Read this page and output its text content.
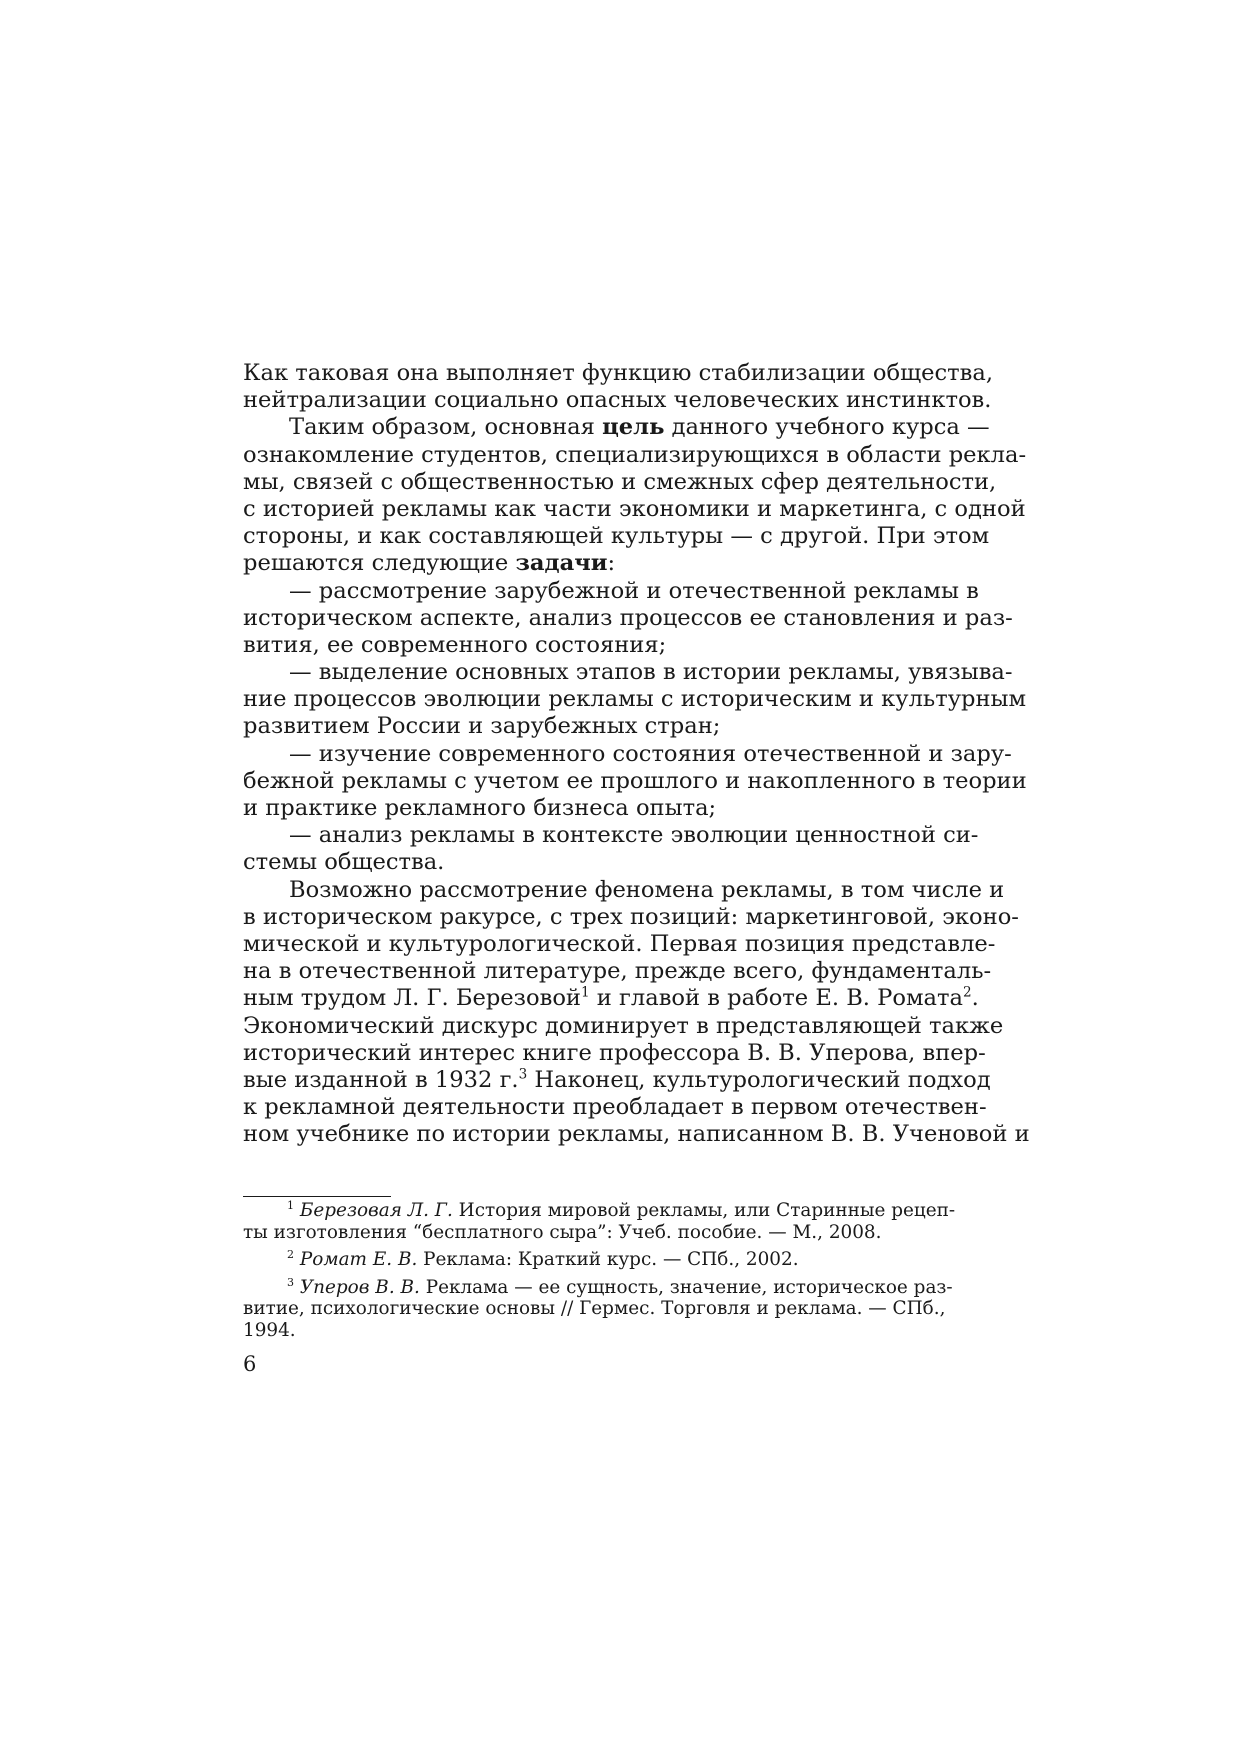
Как таковая она выполняет функцию стабилизации общества,
нейтрализации социально опасных человеческих инстинктов.
Таким образом, основная цель данного учебного курса —
ознакомление студентов, специализирующихся в области рекла-
мы, связей с общественностью и смежных сфер деятельности,
с историей рекламы как части экономики и маркетинга, с одной
стороны, и как составляющей культуры — с другой. При этом
решаются следующие задачи:
— рассмотрение зарубежной и отечественной рекламы в
историческом аспекте, анализ процессов ее становления и раз-
вития, ее современного состояния;
— выделение основных этапов в истории рекламы, увязыва-
ние процессов эволюции рекламы с историческим и культурным
развитием России и зарубежных стран;
— изучение современного состояния отечественной и зару-
бежной рекламы с учетом ее прошлого и накопленного в теории
и практике рекламного бизнеса опыта;
— анализ рекламы в контексте эволюции ценностной си-
стемы общества.
Возможно рассмотрение феномена рекламы, в том числе и
в историческом ракурсе, с трех позиций: маркетинговой, эконо-
мической и культурологической. Первая позиция представле-
на в отечественной литературе, прежде всего, фундаменталь-
ным трудом Л. Г. Березовой$^1$ и главой в работе Е. В. Ромата$^2$.
Экономический дискурс доминирует в представляющей также
исторический интерес книге профессора В. В. Уперова, впер-
вые изданной в 1932 г.$^3$ Наконец, культурологический подход
к рекламной деятельности преобладает в первом отечествен-
ном учебнике по истории рекламы, написанном В. В. Ученовой и
$^1$ Березовая Л. Г. История мировой рекламы, или Старинные рецеп-
ты изготовления “бесплатного сыра”: Учеб. пособие. — М., 2008.
$^2$ Ромат Е. В. Реклама: Краткий курс. — СПб., 2002.
$^3$ Уперов В. В. Реклама — ее сущность, значение, историческое раз-
витие, психологические основы // Гермес. Торговля и реклама. — СПб.,
1994.
6
